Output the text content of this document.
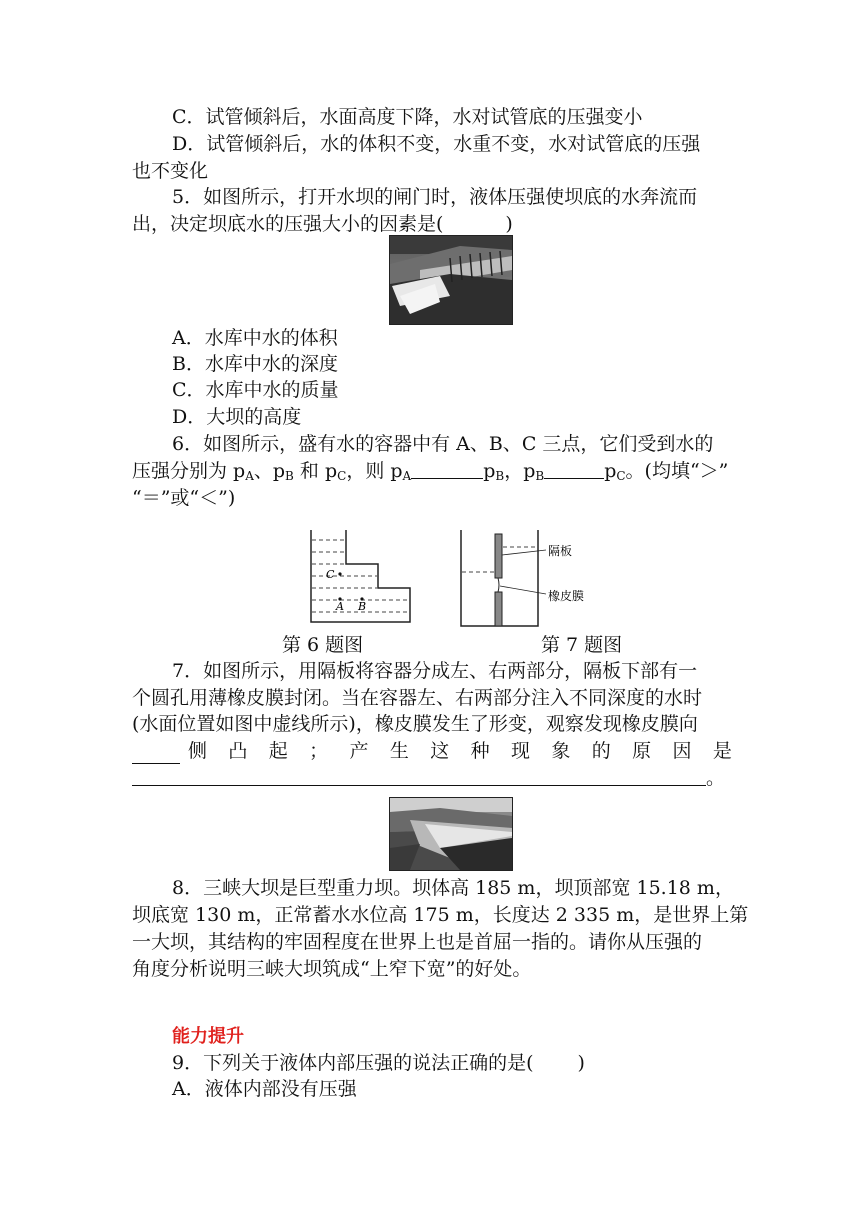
C．试管倾斜后，水面高度下降，水对试管底的压强变小
D．试管倾斜后，水的体积不变，水重不变，水对试管底的压强
也不变化
5．如图所示，打开水坝的闸门时，液体压强使坝底的水奔流而
出，决定坝底水的压强大小的因素是(	)
A．水库中水的体积
B．水库中水的深度
C．水库中水的质量
D．大坝的高度
6．如图所示，盛有水的容器中有 A、B、C 三点，它们受到水的
压强分别为 $p_A$、$p_B$ 和 $p_C$，则 $p_A$	$p_B$，$p_B$	$p_C$。(均填“＞”
“＝”或“＜”)
C
A B
隔板
橡皮膜
第 6 题图	第 7 题图
7．如图所示，用隔板将容器分成左、右两部分，隔板下部有一
个圆孔用薄橡皮膜封闭。当在容器左、右两部分注入不同深度的水时
(水面位置如图中虚线所示)，橡皮膜发生了形变，观察发现橡皮膜向
侧 凸 起 ； 产 生 这 种 现 象 的 原 因 是
。
8．三峡大坝是巨型重力坝。坝体高 185 m，坝顶部宽 15.18 m，
坝底宽 130 m，正常蓄水水位高 175 m，长度达 2 335 m，是世界上第
一大坝，其结构的牢固程度在世界上也是首屈一指的。请你从压强的
角度分析说明三峡大坝筑成“上窄下宽”的好处。
能力提升
9．下列关于液体内部压强的说法正确的是( )
A．液体内部没有压强
